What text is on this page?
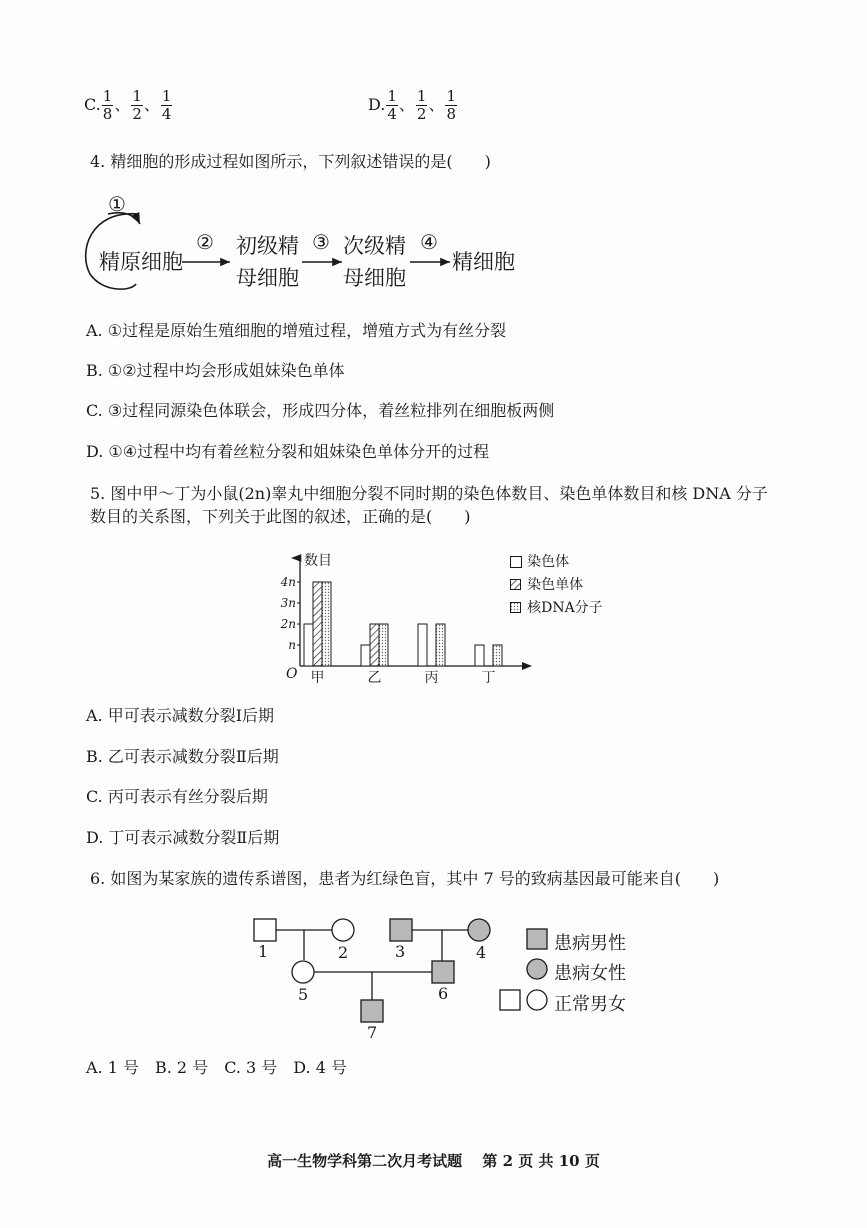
C. $\frac{1}{8}$ 、 $\frac{1}{2}$ 、 $\frac{1}{4}$	D. $\frac{1}{4}$ 、 $\frac{1}{2}$ 、 $\frac{1}{8}$
4. 精细胞的形成过程如图所示，下列叙述错误的是(　　)
①
精原细胞
② 初级精
母细胞
③ 次级精
母细胞
④
精细胞
A. ①过程是原始生殖细胞的增殖过程，增殖方式为有丝分裂
B. ①②过程中均会形成姐妹染色单体
C. ③过程同源染色体联会，形成四分体，着丝粒排列在细胞板两侧
D. ①④过程中均有着丝粒分裂和姐妹染色单体分开的过程
5. 图中甲～丁为小鼠(2n)睾丸中细胞分裂不同时期的染色体数目、染色单体数目和核 DNA 分子
数目的关系图，下列关于此图的叙述，正确的是(　　)
n
2n
3n
4n
甲	乙	丙	丁
数目
O
染色体
染色单体
核DNA分子
A. 甲可表示减数分裂Ⅰ后期
B. 乙可表示减数分裂Ⅱ后期
C. 丙可表示有丝分裂后期
D. 丁可表示减数分裂Ⅱ后期
6. 如图为某家族的遗传系谱图，患者为红绿色盲，其中 7 号的致病基因最可能来自(　　)
1	2	3	4
5	6
7
患病男性
患病女性
正常男女
A. 1 号　B. 2 号　C. 3 号　D. 4 号
高一生物学科第二次月考试题　 第 2 页 共 10 页
